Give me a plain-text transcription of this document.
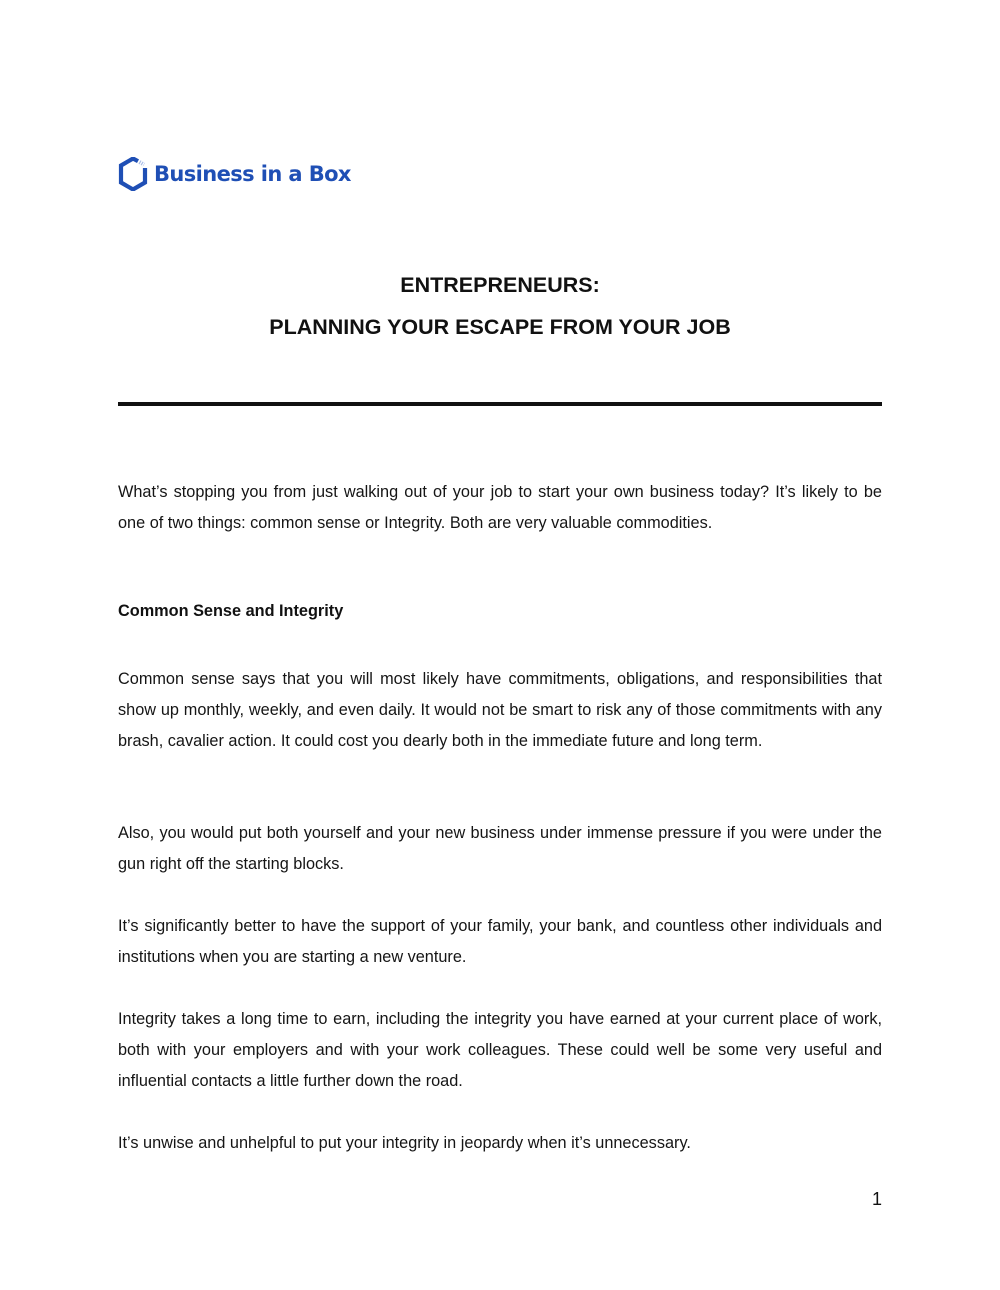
Business in a Box
ENTREPRENEURS:
PLANNING YOUR ESCAPE FROM YOUR JOB

What’s stopping you from just walking out of your job to start your own business today? It’s likely to be one of two things: common sense or Integrity. Both are very valuable commodities.

Common Sense and Integrity

Common sense says that you will most likely have commitments, obligations, and responsibilities that show up monthly, weekly, and even daily. It would not be smart to risk any of those commitments with any brash, cavalier action. It could cost you dearly both in the immediate future and long term.

Also, you would put both yourself and your new business under immense pressure if you were under the gun right off the starting blocks.

It’s significantly better to have the support of your family, your bank, and countless other individuals and institutions when you are starting a new venture.

Integrity takes a long time to earn, including the integrity you have earned at your current place of work, both with your employers and with your work colleagues. These could well be some very useful and influential contacts a little further down the road.

It’s unwise and unhelpful to put your integrity in jeopardy when it’s unnecessary.

1
